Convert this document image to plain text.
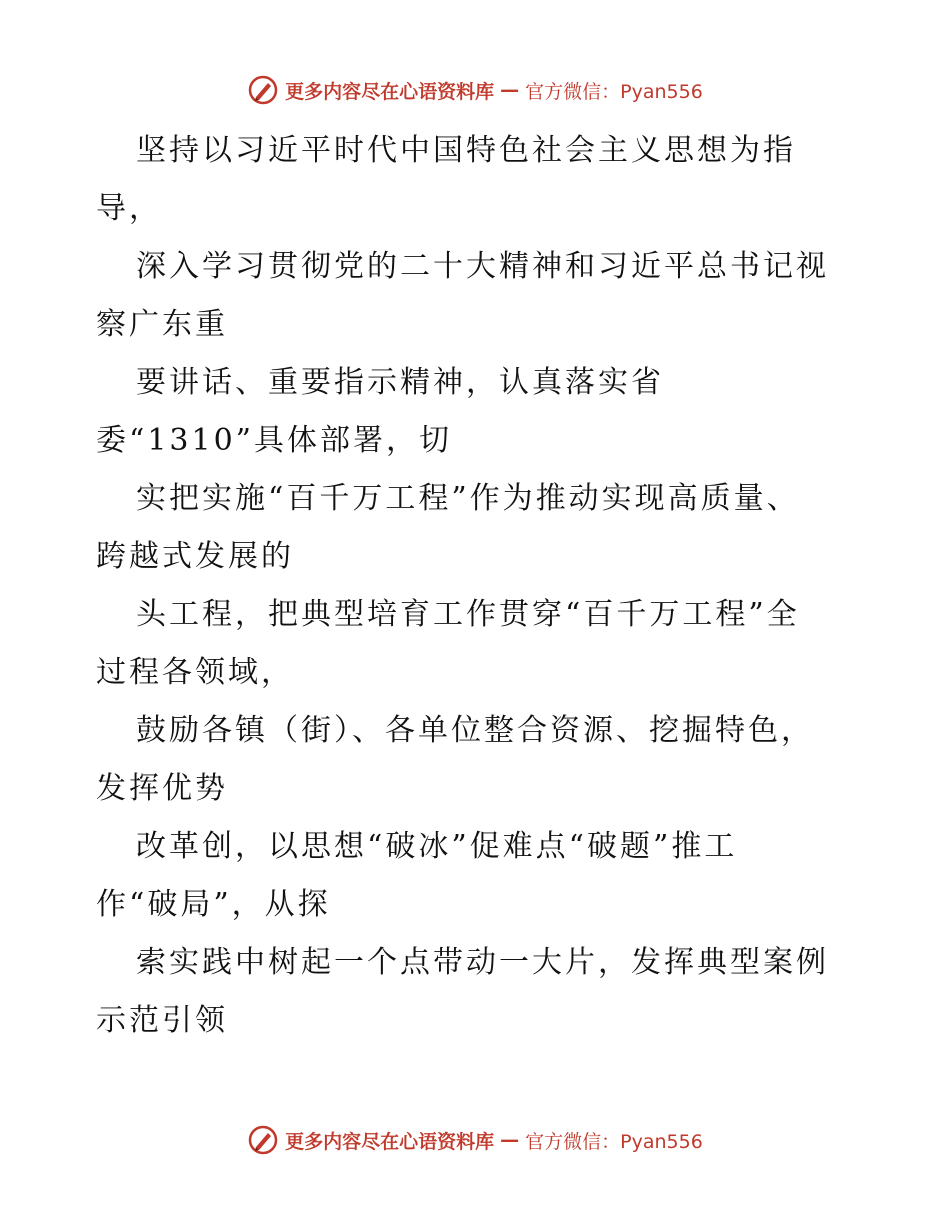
更多内容尽在心语资料库 — 官方微信：Pyan556
坚持以习近平时代中国特色社会主义思想为指
导，
深入学习贯彻党的二十大精神和习近平总书记视
察广东重
要讲话、重要指示精神，认真落实省
委“1310”具体部署，切
实把实施“百千万工程”作为推动实现高质量、
跨越式发展的
头工程，把典型培育工作贯穿“百千万工程”全
过程各领域，
鼓励各镇（街）、各单位整合资源、挖掘特色，
发挥优势
改革创，以思想“破冰”促难点“破题”推工
作“破局”，从探
索实践中树起一个点带动一大片，发挥典型案例
示范引领
更多内容尽在心语资料库 — 官方微信：Pyan556
